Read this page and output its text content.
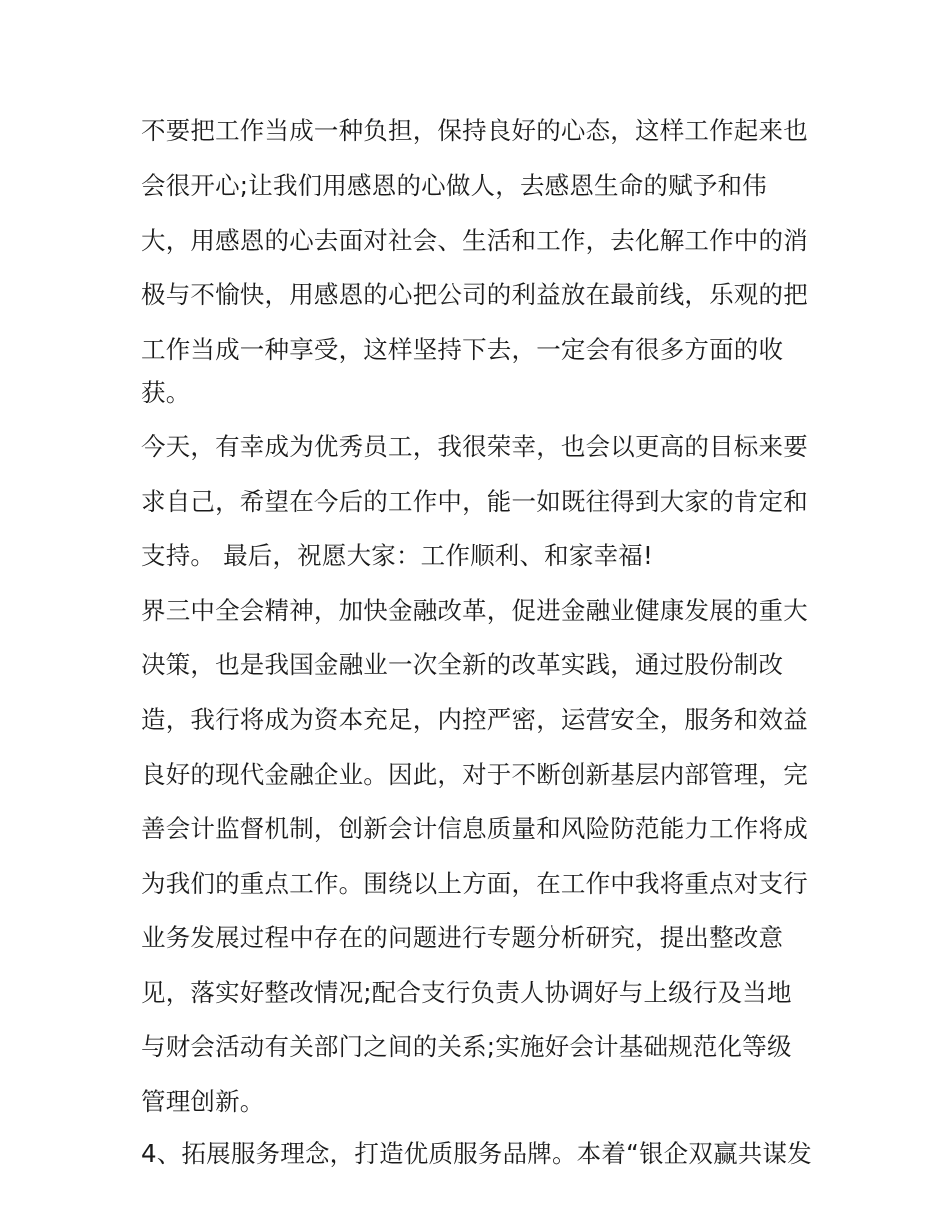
不要把工作当成一种负担，保持良好的心态，这样工作起来也
会很开心;让我们用感恩的心做人，去感恩生命的赋予和伟
大，用感恩的心去面对社会、生活和工作，去化解工作中的消
极与不愉快，用感恩的心把公司的利益放在最前线，乐观的把
工作当成一种享受，这样坚持下去，一定会有很多方面的收
获。
今天，有幸成为优秀员工，我很荣幸，也会以更高的目标来要
求自己，希望在今后的工作中，能一如既往得到大家的肯定和
支持。 最后，祝愿大家：工作顺利、和家幸福!
界三中全会精神，加快金融改革，促进金融业健康发展的重大
决策，也是我国金融业一次全新的改革实践，通过股份制改
造，我行将成为资本充足，内控严密，运营安全，服务和效益
良好的现代金融企业。因此，对于不断创新基层内部管理，完
善会计监督机制，创新会计信息质量和风险防范能力工作将成
为我们的重点工作。围绕以上方面，在工作中我将重点对支行
业务发展过程中存在的问题进行专题分析研究，提出整改意
见，落实好整改情况;配合支行负责人协调好与上级行及当地
与财会活动有关部门之间的关系;实施好会计基础规范化等级
管理创新。
4、拓展服务理念，打造优质服务品牌。本着“银企双赢共谋发
